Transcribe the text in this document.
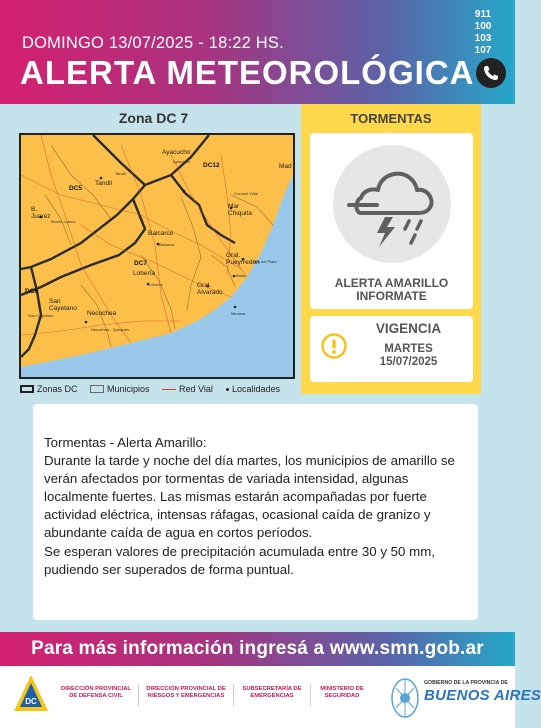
DOMINGO 13/07/2025 - 18:22 HS.
ALERTA METEOROLÓGICA
911
100
103
107
Zona DC 7
DC5
DC12
DC7
DC6
Ayacucho
Tandil
Balcarce
Lobería
Necochea
Gral. Alvarado
Mar Chiquita
Gral. Pueyrredón
San Cayetano
B. Juarez
Mad
Ayacucho
Tandil
Benito Juárez
Coronel Vidal
Balcarce
Lobería
Mar del Plata
Batán
Miramar
San Cayetano
Necochea - Quequén
Zonas DC	Municipios	Red Vial Localidades
TORMENTAS
ALERTA AMARILLO
INFORMATE
VIGENCIA
MARTES
15/07/2025

Tormentas - Alerta Amarillo:

Durante la tarde y noche del día martes, los municipios de amarillo se verán afectados por tormentas de variada intensidad, algunas localmente fuertes. Las mismas estarán acompañadas por fuerte actividad eléctrica, intensas ráfagas, ocasional caída de granizo y abundante caída de agua en cortos períodos.

Se esperan valores de precipitación acumulada entre 30 y 50 mm, pudiendo ser superados de forma puntual.

Para más información ingresá a www.smn.gob.ar
DC
DIRECCIÓN PROVINCIAL
DE DEFENSA CIVIL
DIRECCIÓN PROVINCIAL DE
RIESGOS Y EMERGENCIAS
SUBSECRETARÍA DE
EMERGENCIAS
MINISTERIO DE
SEGURIDAD
GOBIERNO DE LA PROVINCIA DE
BUENOS AIRES
